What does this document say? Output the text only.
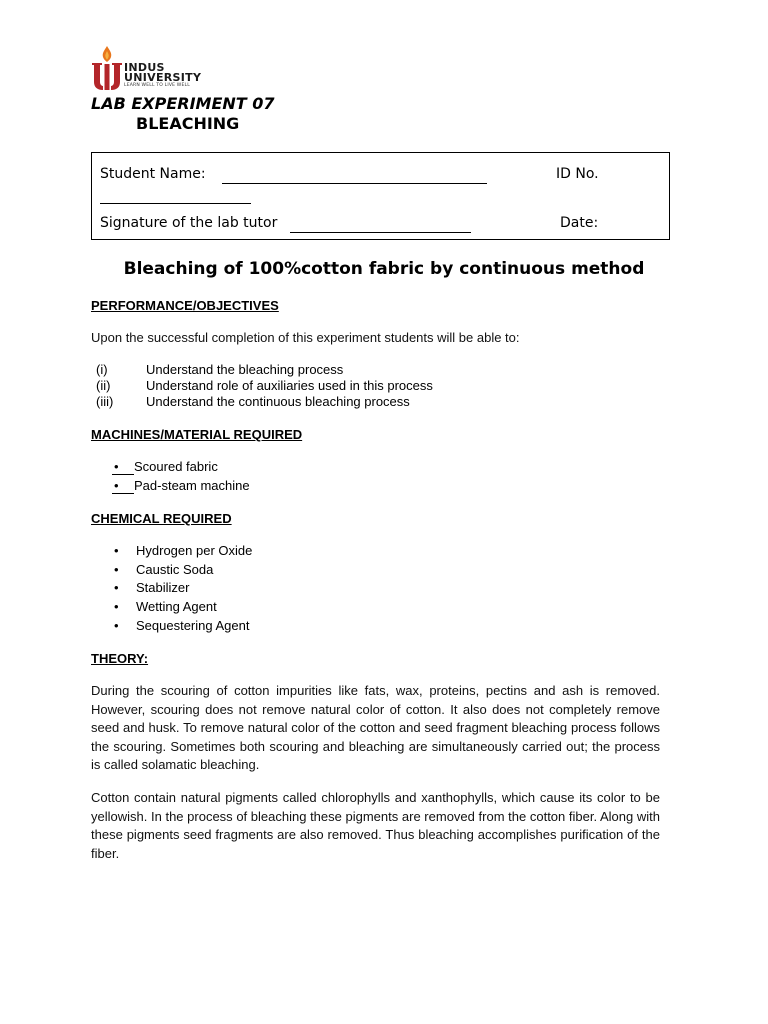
INDUS
UNIVERSITY
LEARN WELL TO LIVE WELL
LAB EXPERIMENT 07
BLEACHING
Student Name:	ID No.
Signature of the lab tutor	Date:
Bleaching of 100%cotton fabric by continuous method
PERFORMANCE/OBJECTIVES
Upon the successful completion of this experiment students will be able to:
(i)	Understand the bleaching process
(ii)	Understand role of auxiliaries used in this process
(iii)	Understand the continuous bleaching process
MACHINES/MATERIAL REQUIRED
• Scoured fabric
• Pad-steam machine
CHEMICAL REQUIRED
• Hydrogen per Oxide
• Caustic Soda
• Stabilizer
• Wetting Agent
• Sequestering Agent
THEORY:
During the scouring of cotton impurities like fats, wax, proteins, pectins and ash is removed. However, scouring does not remove natural color of cotton. It also does not completely remove seed and husk. To remove natural color of the cotton and seed fragment bleaching process follows the scouring. Sometimes both scouring and bleaching are simultaneously carried out; the process is called solamatic bleaching.
Cotton contain natural pigments called chlorophylls and xanthophylls, which cause its color to be yellowish. In the process of bleaching these pigments are removed from the cotton fiber. Along with these pigments seed fragments are also removed. Thus bleaching accomplishes purification of the fiber.
